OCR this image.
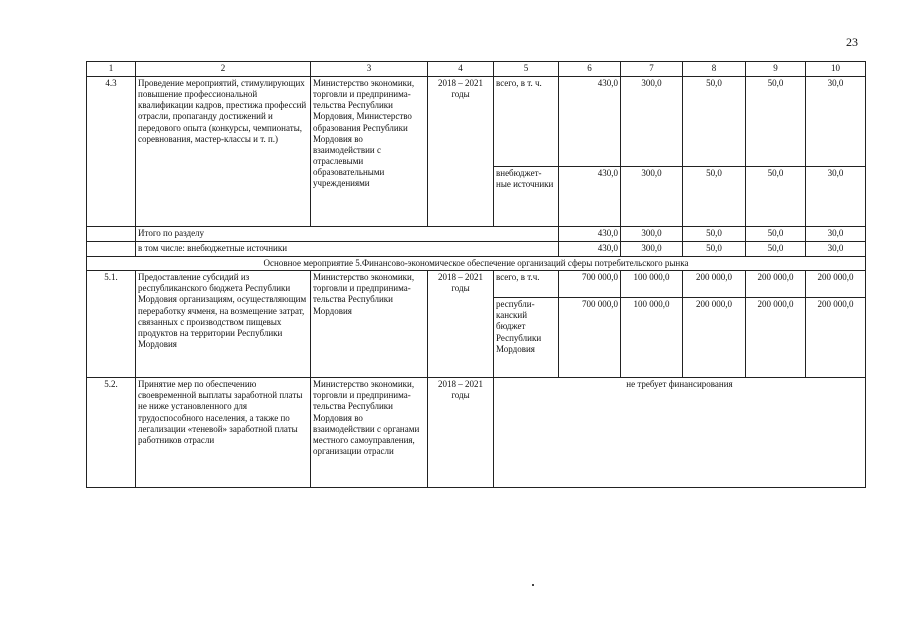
23
1	2	3	4	5	6	7	8	9	10
4.3	Проведение мероприятий, стимулирующих повышение профессиональной квалификации кадров, престижа профессий отрасли, пропаганду достижений и передового опыта (конкурсы, чемпионаты, соревнования, мастер-классы и т. п.)	Министерство экономики, торговли и предпринима-тельства Республики Мордовия, Министерство образования Республики Мордовия во взаимодействии с отраслевыми образовательными учреждениями	2018 – 2021 годы	всего, в т. ч.	430,0	300,0	50,0	50,0	30,0
				внебюджет-ные источники	430,0	300,0	50,0	50,0	30,0
	Итого по разделу				430,0	300,0	50,0	50,0	30,0
	в том числе: внебюджетные источники				430,0	300,0	50,0	50,0	30,0
Основное мероприятие 5.Финансово-экономическое обеспечение организаций сферы потребительского рынка									
5.1.	Предоставление субсидий из республиканского бюджета Республики Мордовия организациям, осуществляющим переработку ячменя, на возмещение затрат, связанных с производством пищевых продуктов на территории Республики Мордовия	Министерство экономики, торговли и предпринима-тельства Республики Мордовия	2018 – 2021 годы	всего, в т.ч.	700 000,0	100 000,0	200 000,0	200 000,0	200 000,0
				республи-канский бюджет Республики Мордовия	700 000,0	100 000,0	200 000,0	200 000,0	200 000,0
5.2.	Принятие мер по обеспечению своевременной выплаты заработной платы не ниже установленного для трудоспособного населения, а также по легализации «теневой» заработной платы работников отрасли	Министерство экономики, торговли и предпринима-тельства Республики Мордовия во взаимодействии с органами местного самоуправления, организации отрасли	2018 – 2021 годы	не требует финансирования					
